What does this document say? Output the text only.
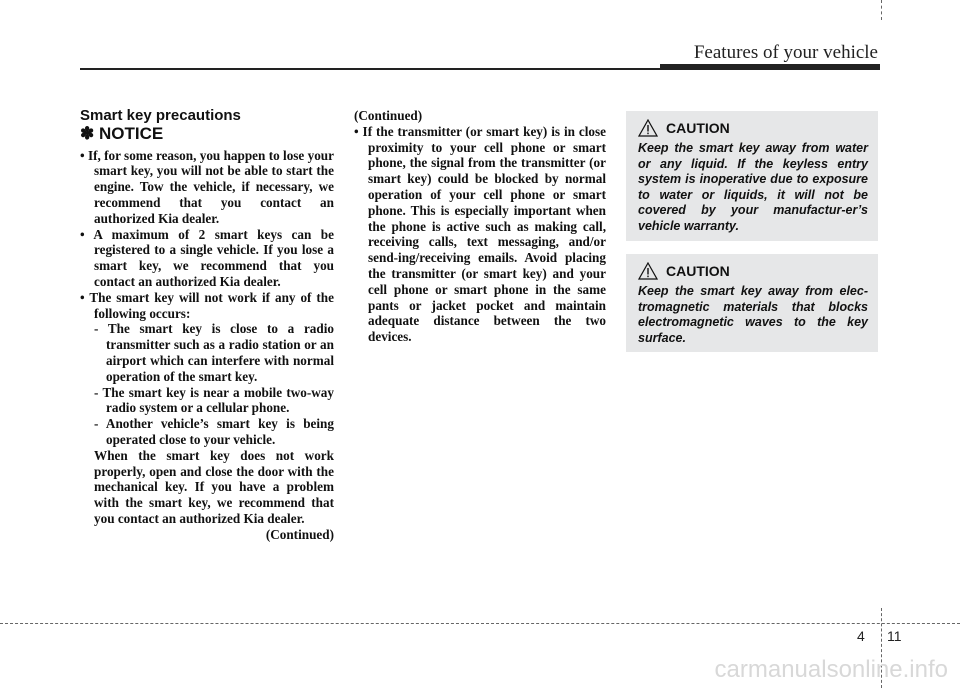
Features of your vehicle

Smart key precautions

✽ NOTICE

• If, for some reason, you happen to lose your smart key, you will not be able to start the engine. Tow the vehicle, if necessary, we recommend that you contact an authorized Kia dealer.

• A maximum of 2 smart keys can be registered to a single vehicle. If you lose a smart key, we recommend that you contact an authorized Kia dealer.

• The smart key will not work if any of the following occurs:

- The smart key is close to a radio transmitter such as a radio station or an airport which can interfere with normal operation of the smart key.

- The smart key is near a mobile two-way radio system or a cellular phone.

- Another vehicle’s smart key is being operated close to your vehicle.

When the smart key does not work properly, open and close the door with the mechanical key. If you have a problem with the smart key, we recommend that you contact an authorized Kia dealer.

(Continued)

(Continued)

• If the transmitter (or smart key) is in close proximity to your cell phone or smart phone, the signal from the transmitter (or smart key) could be blocked by normal operation of your cell phone or smart phone. This is especially important when the phone is active such as making call, receiving calls, text messaging, and/or send-ing/receiving emails. Avoid placing the transmitter (or smart key) and your cell phone or smart phone in the same pants or jacket pocket and maintain adequate distance between the two devices.

CAUTION

Keep the smart key away from water or any liquid. If the keyless entry system is inoperative due to exposure to water or liquids, it will not be covered by your manufactur-er’s vehicle warranty.

CAUTION

Keep the smart key away from elec-tromagnetic materials that blocks electromagnetic waves to the key surface.

4 11
carmanualsonline.info
